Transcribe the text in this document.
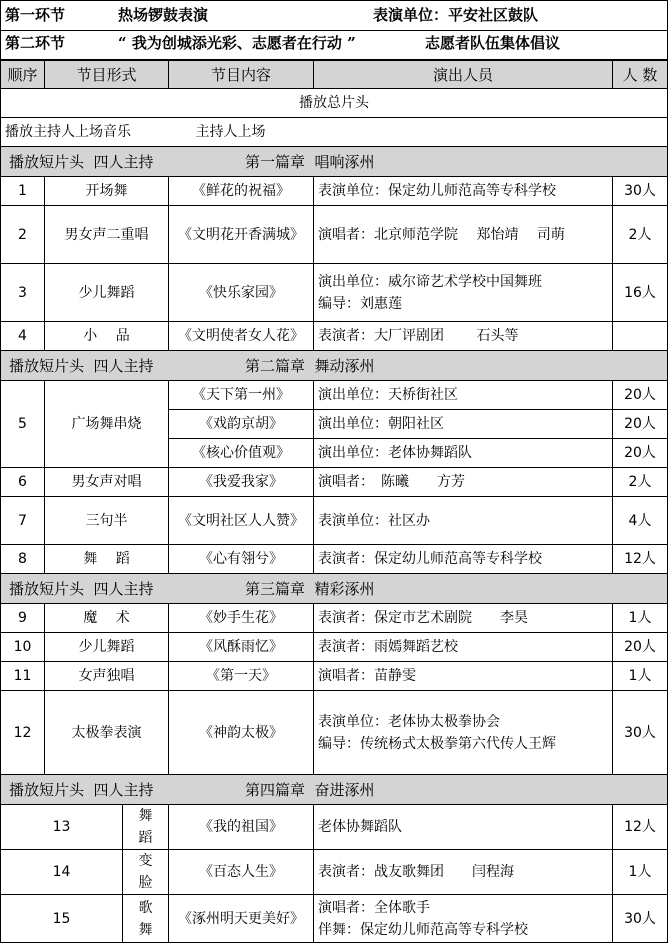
第一环节	热场锣鼓表演	表演单位：平安社区鼓队
第二环节	“ 我为创城添光彩、志愿者在行动 ”	志愿者队伍集体倡议
顺序	节目形式	节目内容	演出人员	人 数
播放总片头
播放主持人上场音乐	主持人上场
播放短片头  四人主持	第一篇章  唱响涿州

1	开场舞	《鲜花的祝福》	表演单位：保定幼儿师范高等专科学校	30人
2	男女声二重唱	《文明花开香满城》	演唱者：北京师范学院　 郑怡靖　 司萌	2人
3	少儿舞蹈	《快乐家园》	演出单位：威尔谛艺术学校中国舞班
编导：刘惠莲	16人
4	小　 品	《文明使者女人花》	表演者：大厂评剧团　　 石头等	
播放短片头  四人主持	第二篇章  舞动涿州

5	广场舞串烧	《天下第一州》	演出单位：天桥街社区	20人
《戏韵京胡》	演出单位：朝阳社区	20人
《核心价值观》	演出单位：老体协舞蹈队	20人
6	男女声对唱	《我爱我家》	演唱者：　陈曦　　方芳	2人
7	三句半	《文明社区人人赞》	表演单位：社区办	4人
8	舞　 蹈	《心有翎兮》	表演者：保定幼儿师范高等专科学校	12人
播放短片头  四人主持	第三篇章  精彩涿州

9	魔　 术	《妙手生花》	表演者：保定市艺术剧院　　李昊	1人
10	少儿舞蹈	《风酥雨忆》	表演者：雨嫣舞蹈艺校	20人
11	女声独唱	《第一天》	演唱者：苗静雯	1人
12	太极拳表演	《神韵太极》	表演单位：老体协太极拳协会
编导：传统杨式太极拳第六代传人王辉	30人
播放短片头  四人主持	第四篇章  奋进涿州

13	舞　 蹈	《我的祖国》	老体协舞蹈队	12人
14	变　 脸	《百态人生》	表演者：战友歌舞团　　闫程海	1人
15	歌　 舞	《涿州明天更美好》	演唱者：全体歌手
伴舞：保定幼儿师范高等专科学校	30人
